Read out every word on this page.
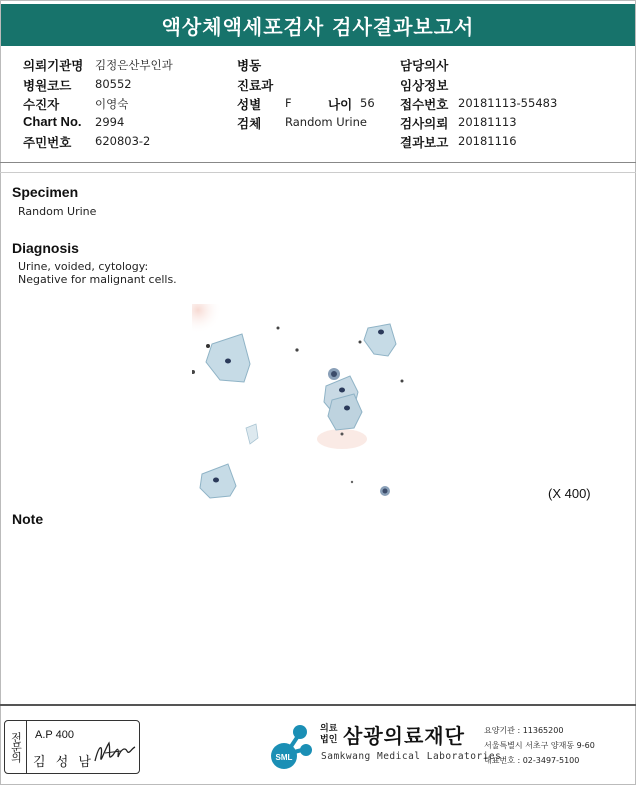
액상체액세포검사 검사결과보고서
의뢰기관명 김정은산부인과
병원코드 80552
수진자	이영숙
Chart No. 2994
주민번호 620803-2
병동
진료과
성별 F	나이 56
검체 Random Urine
담당의사
임상정보
접수번호 20181113-55483
검사의뢰 20181113
결과보고 20181116
Specimen
Random Urine
Diagnosis
Urine, voided, cytology:
Negative for malignant cells.
(X 400)
Note
전문의	A.P 400
김 성 남	SML
의료
법인 삼광의료재단
Samkwang Medical Laboratories
요양기관 : 11365200
서울특별시 서초구 양재동 9-60
대표번호 : 02-3497-5100
